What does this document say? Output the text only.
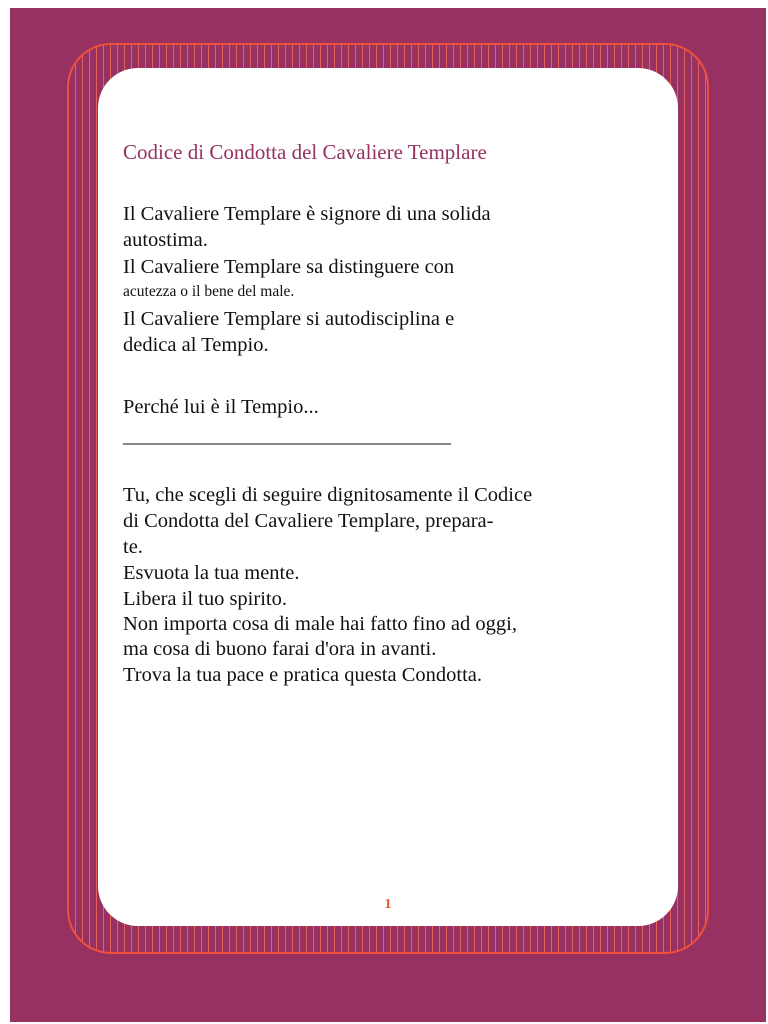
Codice di Condotta del Cavaliere Templare

Il Cavaliere Templare è signore di una solida

autostima.

Il Cavaliere Templare sa distinguere con

acutezza o il bene del male.

Il Cavaliere Templare si autodisciplina e

dedica al Tempio.

Perché lui è il Tempio...

________________________________

Tu, che scegli di seguire dignitosamente il Codice

di Condotta del Cavaliere Templare, prepara-

te.

Esvuota la tua mente.

Libera il tuo spirito.

Non importa cosa di male hai fatto fino ad oggi,

ma cosa di buono farai d'ora in avanti.

Trova la tua pace e pratica questa Condotta.

1
